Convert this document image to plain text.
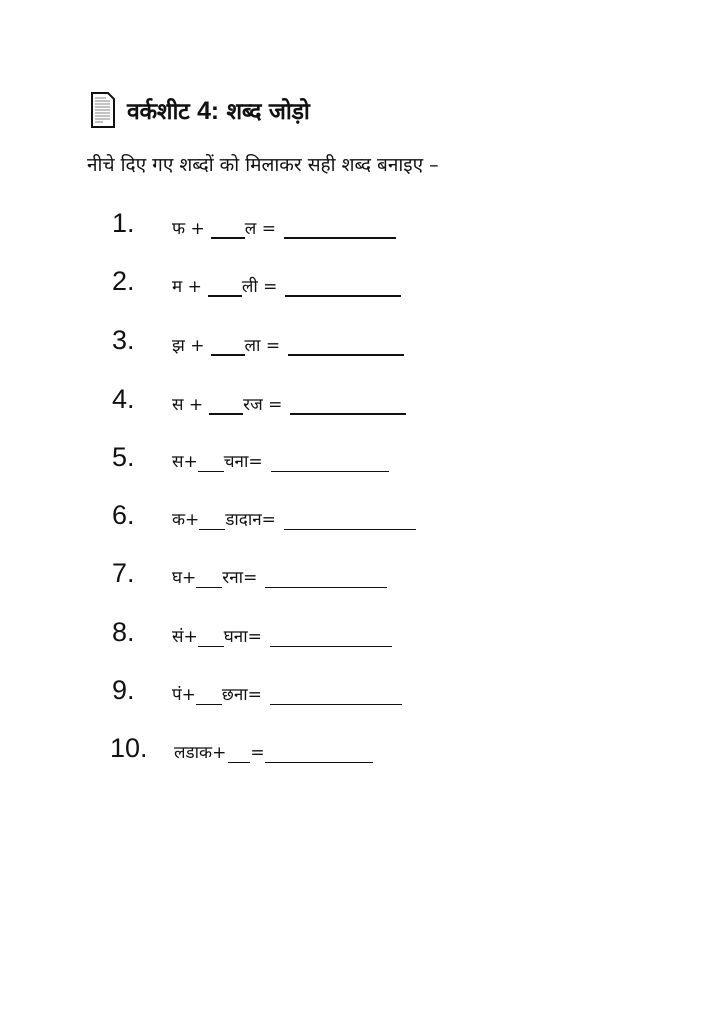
वर्कशीट 4: शब्द जोड़ो
नीचे दिए गए शब्दों को मिलाकर सही शब्द बनाइए –
1. फ + ल =
2. म + ली =
3. झ + ला =
4. स + रज =
5. स+ चना=
6. क+ डादान=
7. घ+ रना=
8. सं+ घना=
9. पं+ छना=
10. लडाक+ =
